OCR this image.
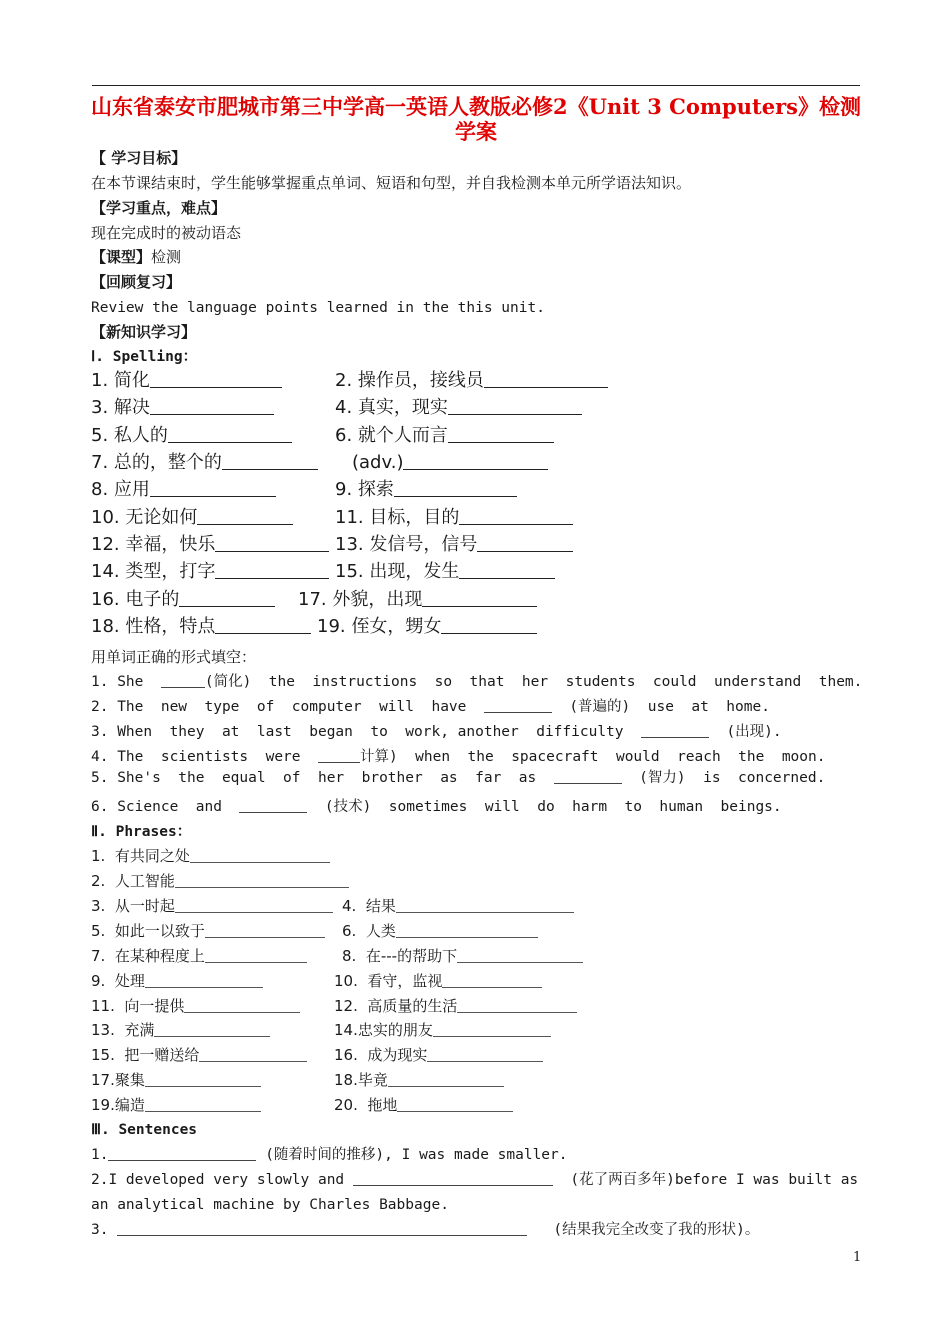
山东省泰安市肥城市第三中学高一英语人教版必修2《Unit 3 Computers》检测学案
【 学习目标】
在本节课结束时，学生能够掌握重点单词、短语和句型，并自我检测本单元所学语法知识。
【学习重点，难点】
现在完成时的被动语态
【课型】检测
【回顾复习】
Review the language points learned in the this unit.
【新知识学习】
Ⅰ. Spelling：
1. 简化	2. 操作员，接线员
3. 解决	4. 真实，现实
5. 私人的	6. 就个人而言
7. 总的，整个的	(adv.)
8. 应用	9. 探索
10. 无论如何	11. 目标，目的
12. 幸福，快乐	13. 发信号，信号
14. 类型，打字	15. 出现，发生
16. 电子的	17. 外貌，出现
18. 性格，特点	19. 侄女，甥女
用单词正确的形式填空：
1. She	(简化)  the  instructions  so  that  her  students  could  understand  them.
2. The  new  type  of  computer  will  have	(普遍的)  use  at  home.
3. When  they  at  last  began  to  work, another  difficulty	(出现).
4. The  scientists  were	计算)  when  the  spacecraft  would  reach  the  moon.
5. She's  the  equal  of  her  brother  as  far  as	(智力)  is  concerned.
6. Science  and	(技术)  sometimes  will  do  harm  to  human  beings.
Ⅱ. Phrases：
1.  有共同之处
2.  人工智能
3.  从一时起	4.  结果
5.  如此一以致于	6.  人类
7.  在某种程度上	8.  在---的帮助下
9.  处理	10.  看守，监视
11.  向一提供	12.  高质量的生活
13.  充满	14.忠实的朋友
15.  把一赠送给	16.  成为现实
17.聚集	18.毕竟
19.编造	20.  拖地
Ⅲ. Sentences
1.	(随着时间的推移), I was made smaller.
2.I developed very slowly and	(花了两百多年)before I was built as
an analytical machine by Charles Babbage.
3.	(结果我完全改变了我的形状)。
1
